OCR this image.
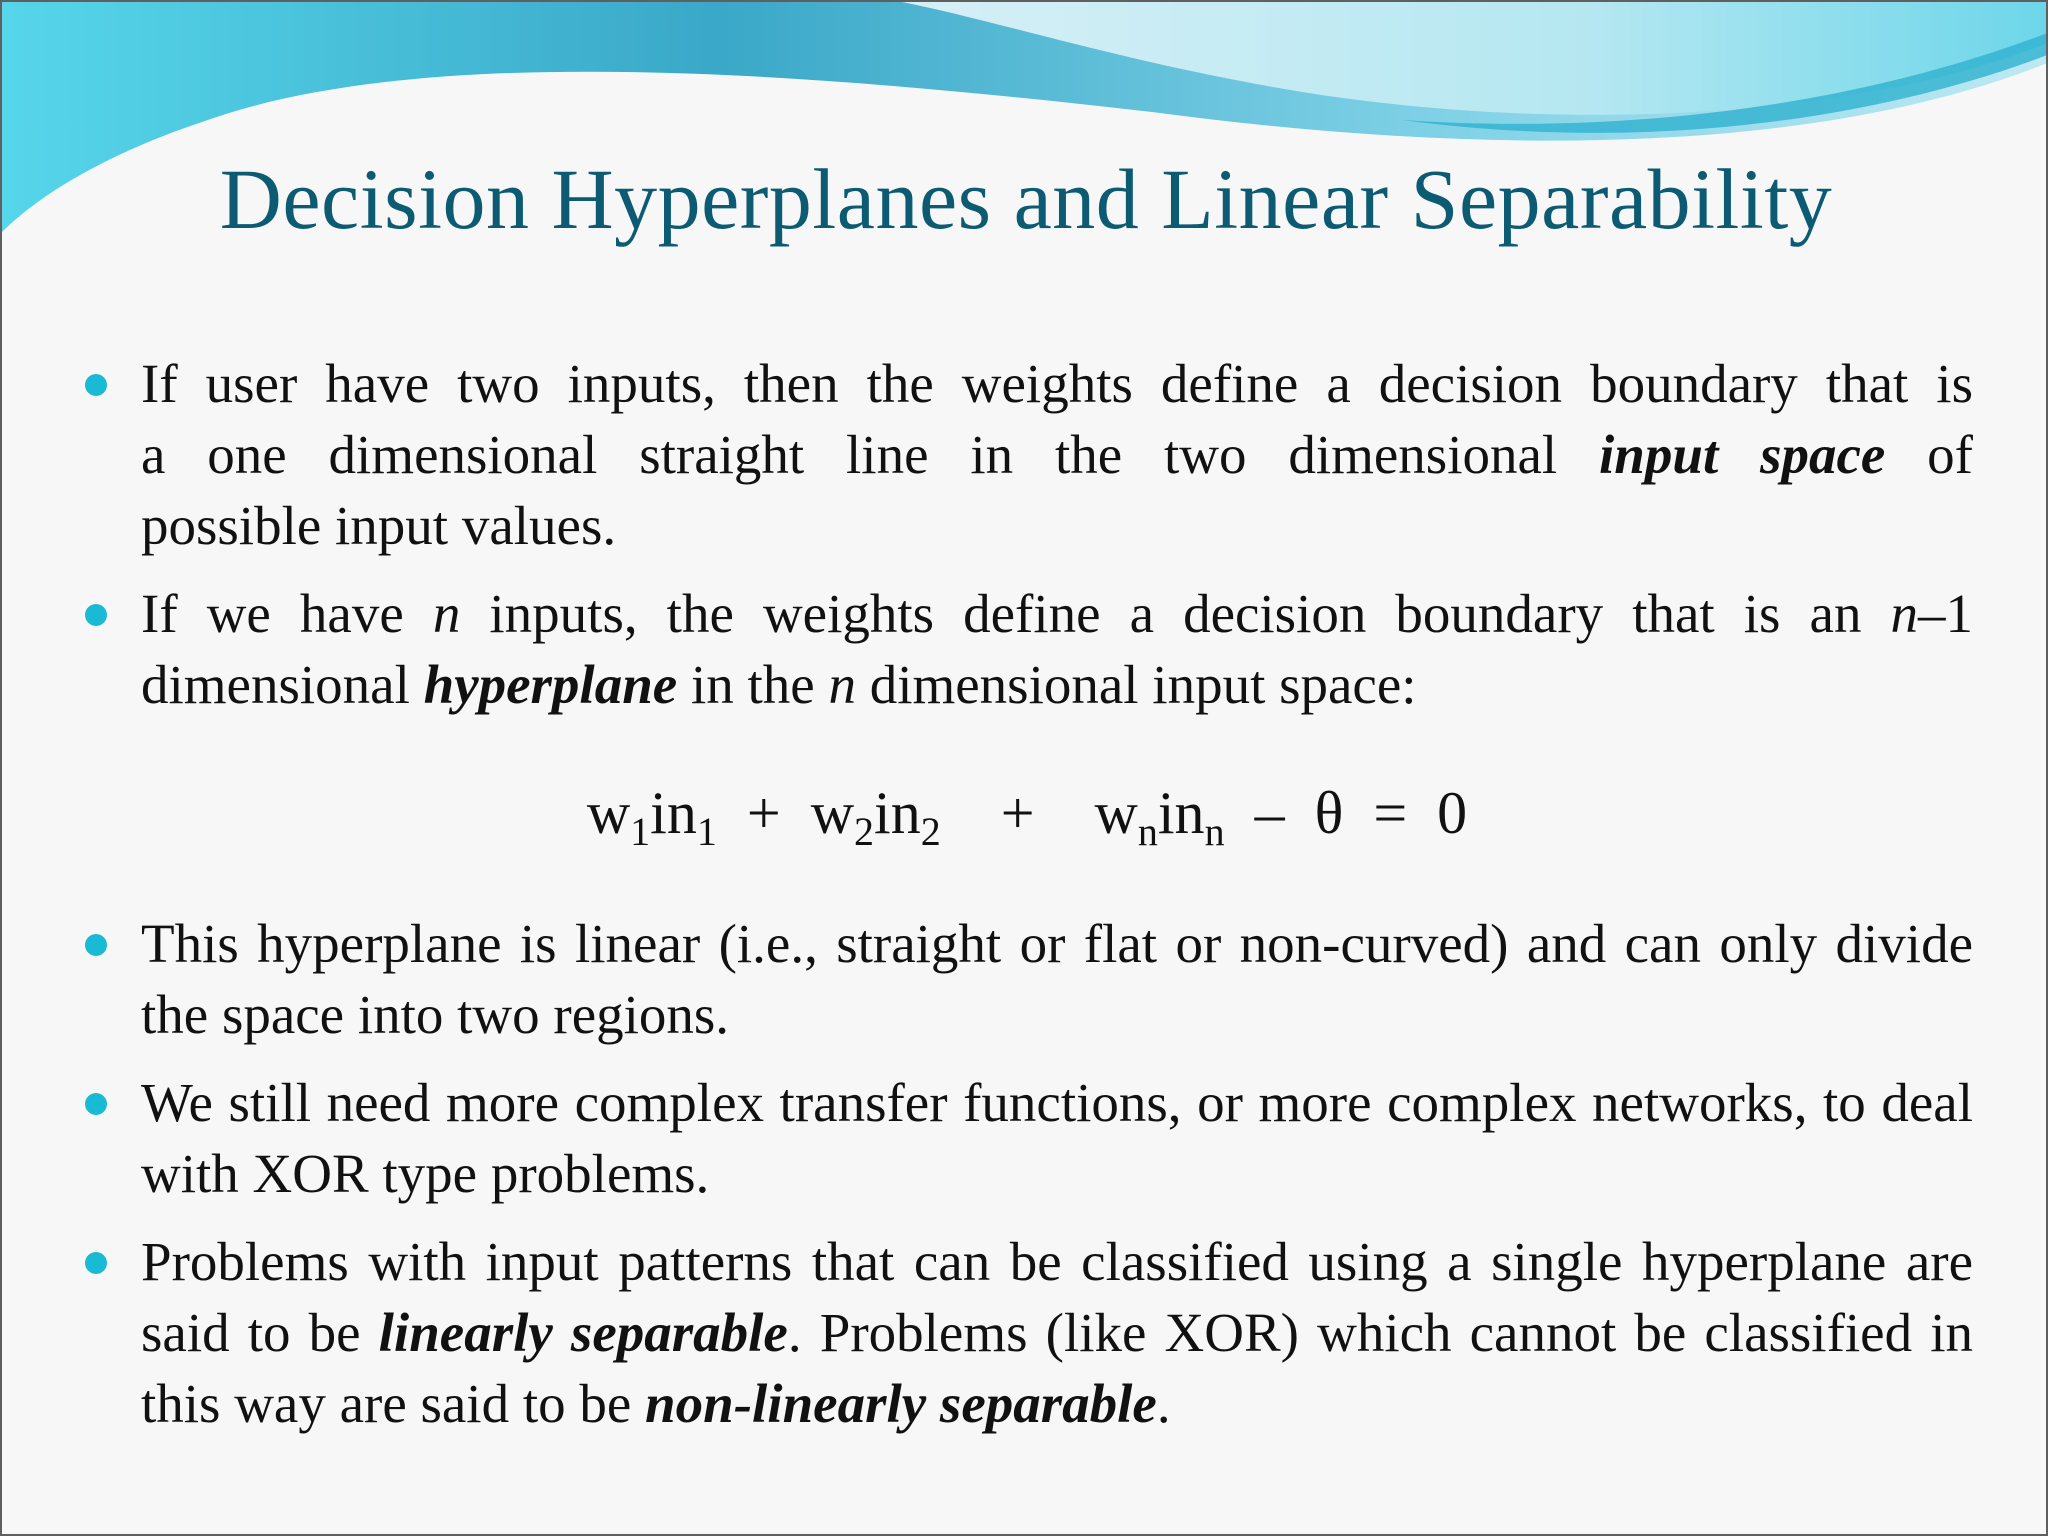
Decision Hyperplanes and Linear Separability
If user have two inputs, then the weights define a decision boundary that is
a one dimensional straight line in the two dimensional input space of
possible input values.
If we have n inputs, the weights define a decision boundary that is an n–1 dimensional hyperplane in the n dimensional input space:
$w_1in_1 + w_2in_2 + w_nin_n - \theta = 0$
This hyperplane is linear (i.e., straight or flat or non-curved) and can only divide the space into two regions.
We still need more complex transfer functions, or more complex networks, to deal with XOR type problems.
Problems with input patterns that can be classified using a single hyperplane are said to be linearly separable. Problems (like XOR) which cannot be classified in this way are said to be non-linearly separable.
